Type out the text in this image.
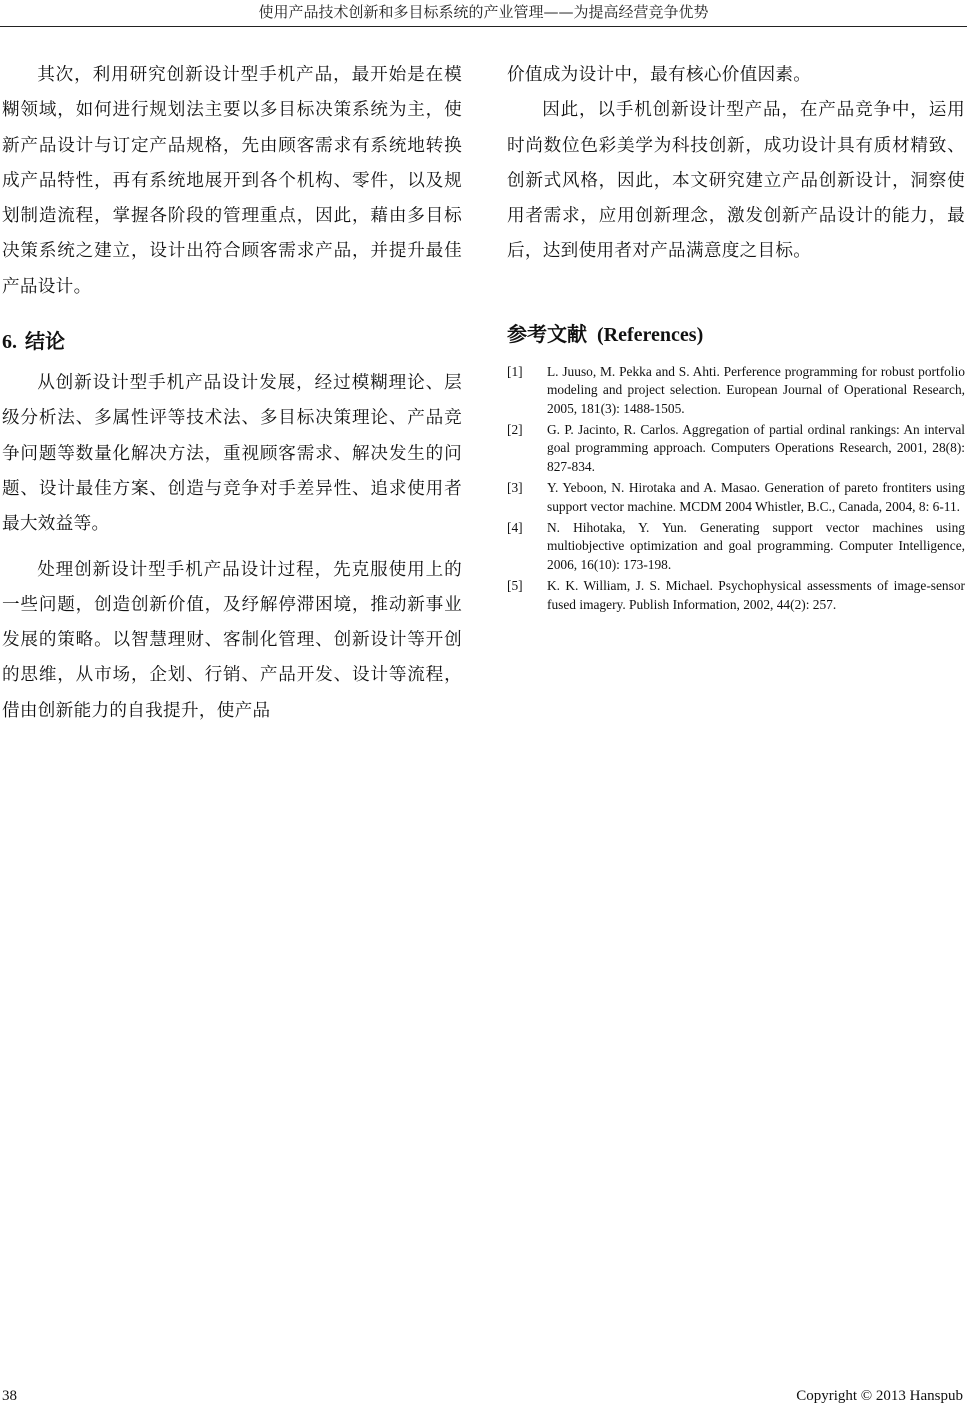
使用产品技术创新和多目标系统的产业管理——为提高经营竞争优势

其次，利用研究创新设计型手机产品，最开始是在模糊领域，如何进行规划法主要以多目标决策系统为主，使新产品设计与订定产品规格，先由顾客需求有系统地转换成产品特性，再有系统地展开到各个机构、零件，以及规划制造流程，掌握各阶段的管理重点，因此，藉由多目标决策系统之建立，设计出符合顾客需求产品，并提升最佳产品设计。

6. 结论

从创新设计型手机产品设计发展，经过模糊理论、层级分析法、多属性评等技术法、多目标决策理论、产品竞争问题等数量化解决方法，重视顾客需求、解决发生的问题、设计最佳方案、创造与竞争对手差异性、追求使用者最大效益等。

处理创新设计型手机产品设计过程，先克服使用上的一些问题，创造创新价值，及纾解停滞困境，推动新事业发展的策略。以智慧理财、客制化管理、创新设计等开创的思维，从市场，企划、行销、产品开发、设计等流程，借由创新能力的自我提升，使产品

价值成为设计中，最有核心价值因素。

因此，以手机创新设计型产品，在产品竞争中，运用时尚数位色彩美学为科技创新，成功设计具有质材精致、创新式风格，因此，本文研究建立产品创新设计，洞察使用者需求，应用创新理念，激发创新产品设计的能力，最后，达到使用者对产品满意度之目标。

参考文献 (References)
[1]	L. Juuso, M. Pekka and S. Ahti. Perference programming for robust portfolio modeling and project selection. European Journal of Operational Research, 2005, 181(3): 1488-1505.
[2]	G. P. Jacinto, R. Carlos. Aggregation of partial ordinal rankings: An interval goal programming approach. Computers Operations Research, 2001, 28(8): 827-834.
[3]	Y. Yeboon, N. Hirotaka and A. Masao. Generation of pareto frontiters using support vector machine. MCDM 2004 Whistler, B.C., Canada, 2004, 8: 6-11.
[4]	N. Hihotaka, Y. Yun. Generating support vector machines using multiobjective optimization and goal programming. Computer Intelligence, 2006, 16(10): 173-198.
[5]	K. K. William, J. S. Michael. Psychophysical assessments of image-sensor fused imagery. Publish Information, 2002, 44(2): 257.
38	Copyright © 2013 Hanspub
